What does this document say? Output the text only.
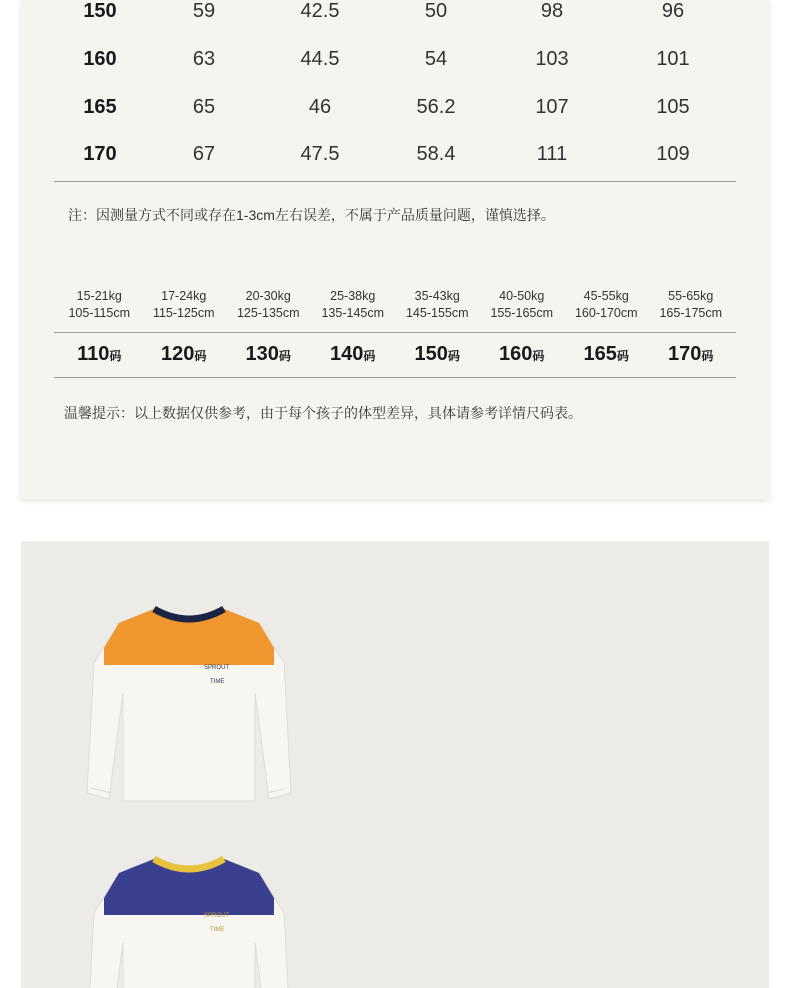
150	59	42.5	50	98	96
160	63	44.5	54	103	101
165	65	46	56.2	107	105
170	67	47.5	58.4	111	109
注：因测量方式不同或存在1-3cm左右误差，不属于产品质量问题，谨慎选择。
15-21kg	17-24kg	20-30kg	25-38kg	35-43kg	40-50kg	45-55kg	55-65kg
105-115cm	115-125cm	125-135cm	135-145cm	145-155cm	155-165cm	160-170cm	165-175cm
110码	120码	130码	140码	150码	160码	165码	170码
温馨提示：以上数据仅供参考，由于每个孩子的体型差异，具体请参考详情尺码表。
SPROUT
TIME
SPROUT
TIME
